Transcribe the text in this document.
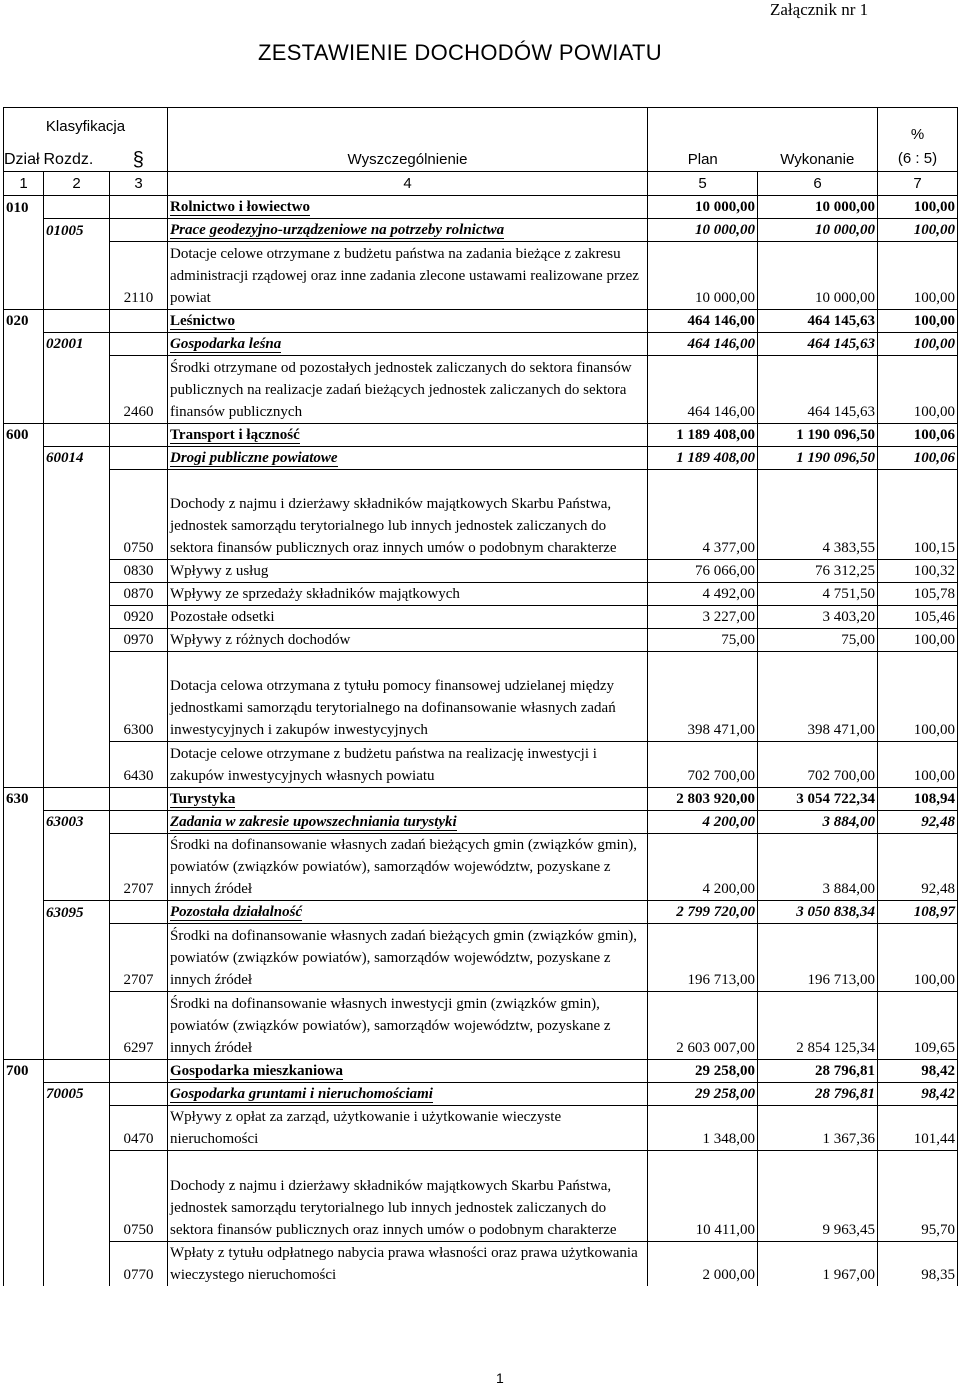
Załącznik nr 1
ZESTAWIENIE DOCHODÓW POWIATU
Klasyfikacja			Wyszczególnienie	Plan	Wykonanie	%
(6 : 5)

Dział	Rozdz.	§				
1	2	3	4	5	6	7
010			Rolnictwo i łowiectwo	10 000,00	10 000,00	100,00
	01005		Prace geodezyjno-urządzeniowe na potrzeby rolnictwa	10 000,00	10 000,00	100,00
		2110	Dotacje celowe otrzymane z budżetu państwa na zadania bieżące z zakresu administracji rządowej oraz inne zadania zlecone ustawami realizowane przez powiat	10 000,00	10 000,00	100,00
020			Leśnictwo	464 146,00	464 145,63	100,00
	02001		Gospodarka leśna	464 146,00	464 145,63	100,00
		2460	Środki otrzymane od pozostałych jednostek zaliczanych do sektora finansów publicznych na realizacje zadań bieżących jednostek zaliczanych do sektora finansów publicznych	464 146,00	464 145,63	100,00
600			Transport i łączność	1 189 408,00	1 190 096,50	100,06
	60014		Drogi publiczne powiatowe	1 189 408,00	1 190 096,50	100,06
		0750	Dochody z najmu i dzierżawy składników majątkowych Skarbu Państwa, jednostek samorządu terytorialnego lub innych jednostek zaliczanych do sektora finansów publicznych oraz innych umów o podobnym charakterze	4 377,00	4 383,55	100,15
		0830	Wpływy z usług	76 066,00	76 312,25	100,32
		0870	Wpływy ze sprzedaży składników majątkowych	4 492,00	4 751,50	105,78
		0920	Pozostałe odsetki	3 227,00	3 403,20	105,46
		0970	Wpływy z różnych dochodów	75,00	75,00	100,00
		6300	Dotacja celowa otrzymana z tytułu pomocy finansowej udzielanej między jednostkami samorządu terytorialnego na dofinansowanie własnych zadań inwestycyjnych i zakupów inwestycyjnych	398 471,00	398 471,00	100,00
		6430	Dotacje celowe otrzymane z budżetu państwa na realizację inwestycji i zakupów inwestycyjnych własnych powiatu	702 700,00	702 700,00	100,00
630			Turystyka	2 803 920,00	3 054 722,34	108,94
	63003		Zadania w zakresie upowszechniania turystyki	4 200,00	3 884,00	92,48
		2707	Środki na dofinansowanie własnych zadań bieżących gmin (związków gmin), powiatów (związków powiatów), samorządów województw, pozyskane z innych źródeł	4 200,00	3 884,00	92,48
	63095		Pozostała działalność	2 799 720,00	3 050 838,34	108,97
		2707	Środki na dofinansowanie własnych zadań bieżących gmin (związków gmin), powiatów (związków powiatów), samorządów województw, pozyskane z innych źródeł	196 713,00	196 713,00	100,00
		6297	Środki na dofinansowanie własnych inwestycji gmin (związków gmin), powiatów (związków powiatów), samorządów województw, pozyskane z innych źródeł	2 603 007,00	2 854 125,34	109,65
700			Gospodarka mieszkaniowa	29 258,00	28 796,81	98,42
	70005		Gospodarka gruntami i nieruchomościami	29 258,00	28 796,81	98,42
		0470	Wpływy z opłat za zarząd, użytkowanie i użytkowanie wieczyste nieruchomości	1 348,00	1 367,36	101,44
		0750	Dochody z najmu i dzierżawy składników majątkowych Skarbu Państwa, jednostek samorządu terytorialnego lub innych jednostek zaliczanych do sektora finansów publicznych oraz innych umów o podobnym charakterze	10 411,00	9 963,45	95,70
		0770	Wpłaty z tytułu odpłatnego nabycia prawa własności oraz prawa użytkowania wieczystego nieruchomości	2 000,00	1 967,00	98,35
1
